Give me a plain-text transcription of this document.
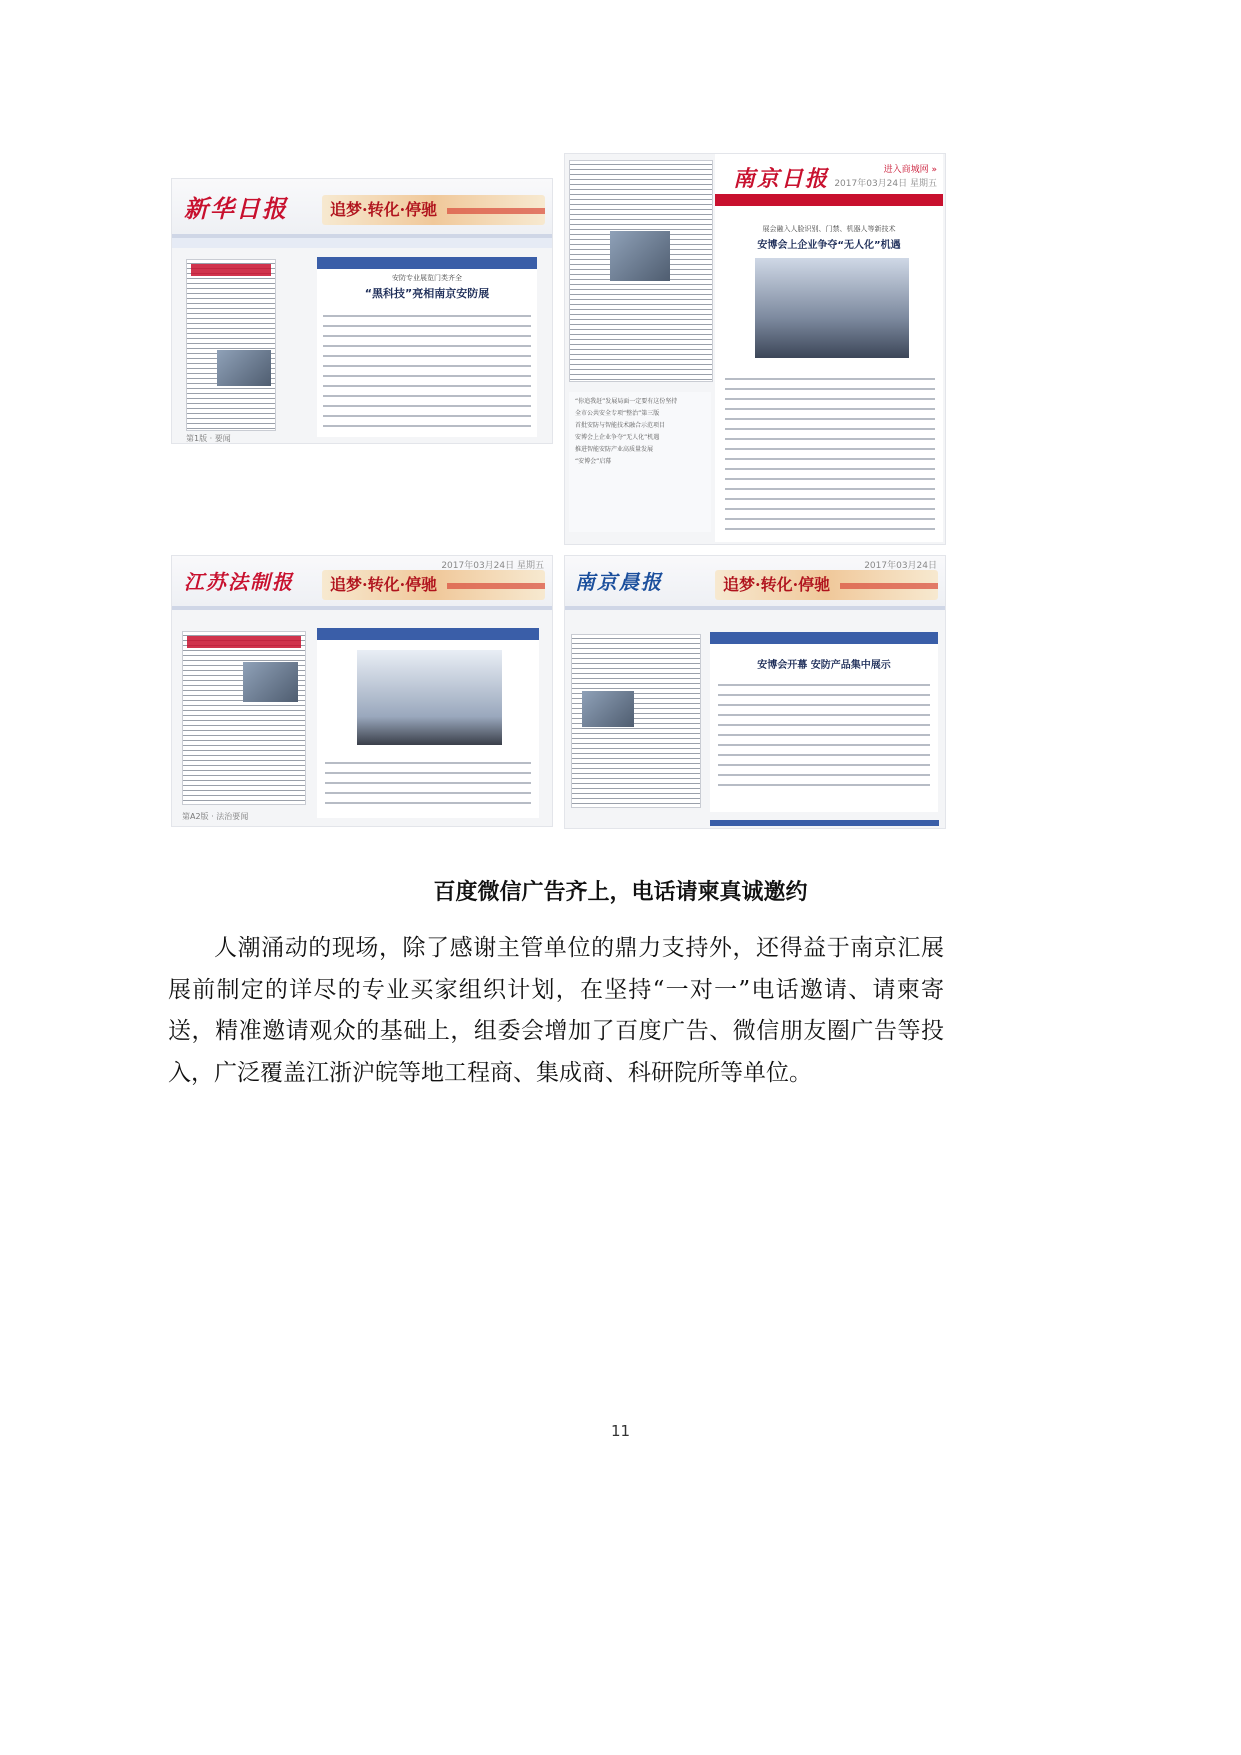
新华日报	追梦·转化·停驰
安防专业展览门类齐全
“黑科技”亮相南京安防展
第1版 · 要闻
“你追我赶”发展局面一定要有这份坚持
全市公共安全专项“整治”第三版
首批安防与智能技术融合示范项目
安博会上企业争夺“无人化”机遇
推进智能安防产业高质量发展
“安博会”启幕
南京日报	进入商城网 »
2017年03月24日 星期五
展会融入人脸识别、门禁、机器人等新技术
安博会上企业争夺“无人化”机遇
江苏法制报	追梦·转化·停驰
2017年03月24日 星期五
第A2版 · 法治要闻
南京晨报	追梦·转化·停驰
2017年03月24日
安博会开幕 安防产品集中展示
百度微信广告齐上，电话请柬真诚邀约
人潮涌动的现场，除了感谢主管单位的鼎力支持外，还得益于南京汇展展前制定的详尽的专业买家组织计划，在坚持“一对一”电话邀请、请柬寄送，精准邀请观众的基础上，组委会增加了百度广告、微信朋友圈广告等投入，广泛覆盖江浙沪皖等地工程商、集成商、科研院所等单位。
11
